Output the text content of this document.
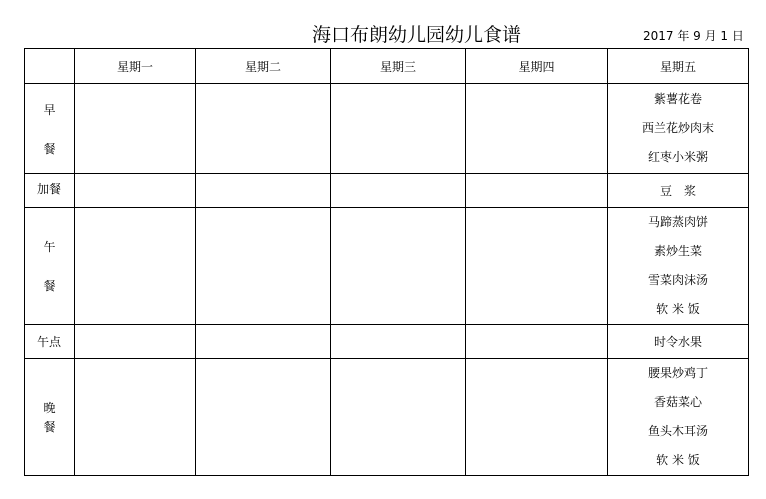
海口布朗幼儿园幼儿食谱	2017 年 9 月 1 日
	星期一	星期二	星期三	星期四	星期五

早
餐					紫薯花卷
西兰花炒肉末
红枣小米粥

加餐					豆　浆

午
餐					马蹄蒸肉饼
素炒生菜
雪菜肉沫汤
软 米 饭

午点					时令水果

晚
餐					腰果炒鸡丁
香菇菜心
鱼头木耳汤
软 米 饭
